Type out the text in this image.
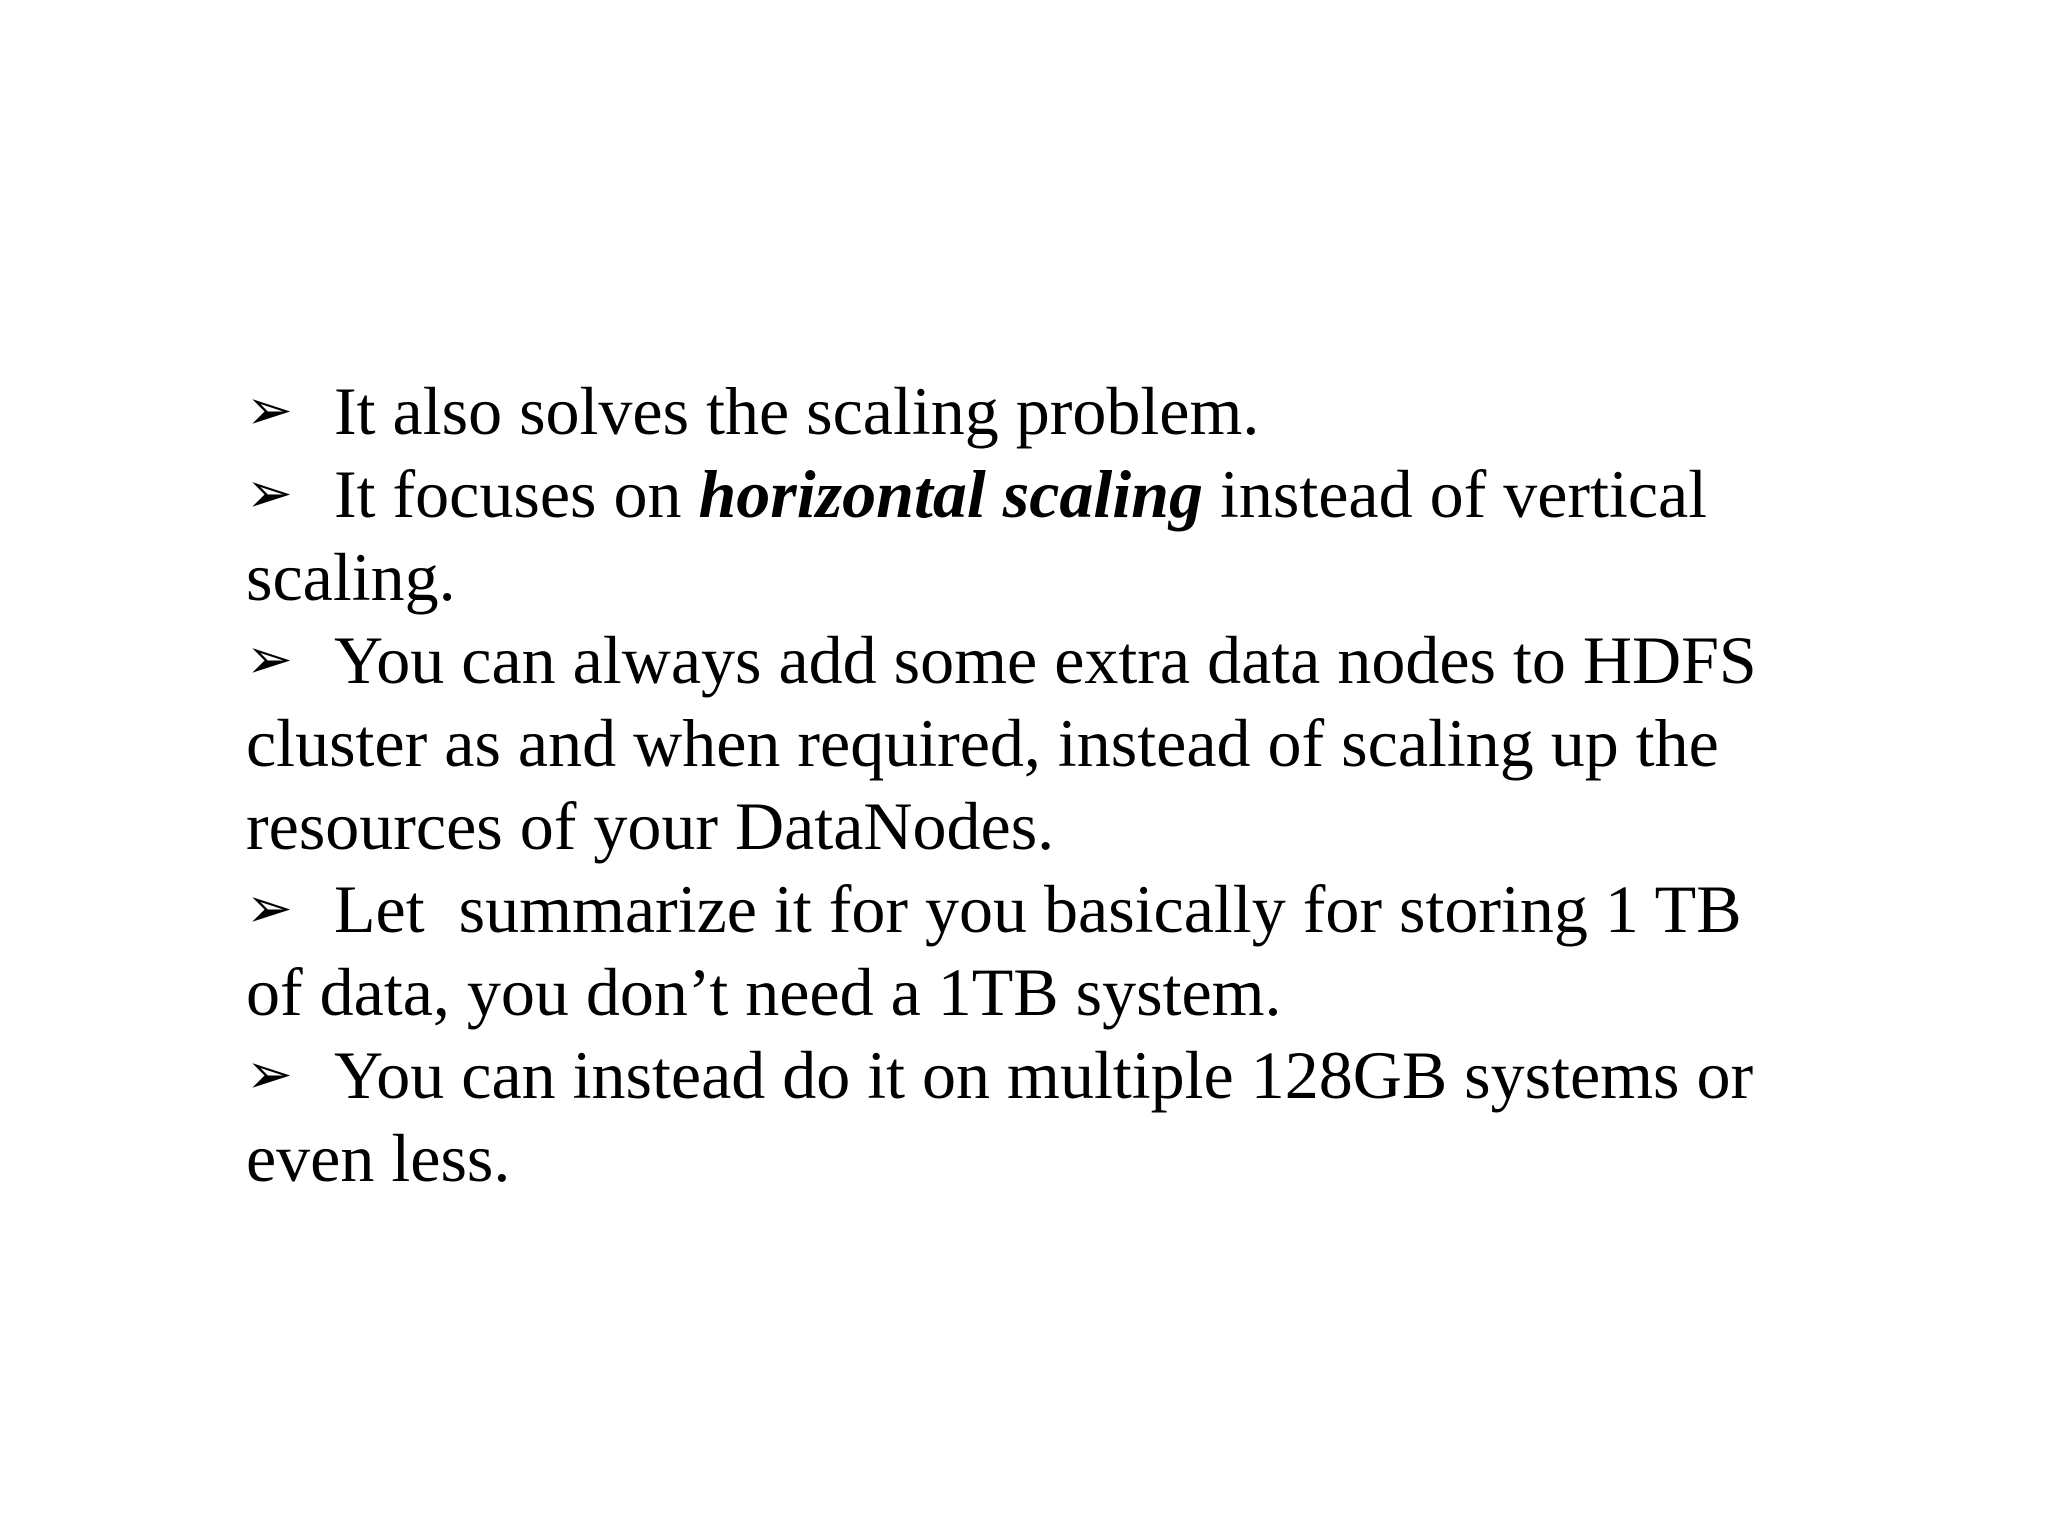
➢ It also solves the scaling problem.

➢ It focuses on horizontal scaling instead of vertical scaling.

➢ You can always add some extra data nodes to HDFS cluster as and when required, instead of scaling up the resources of your DataNodes.

➢ Let  summarize it for you basically for storing 1 TB of data, you don’t need a 1TB system.

➢ You can instead do it on multiple 128GB systems or even less.
